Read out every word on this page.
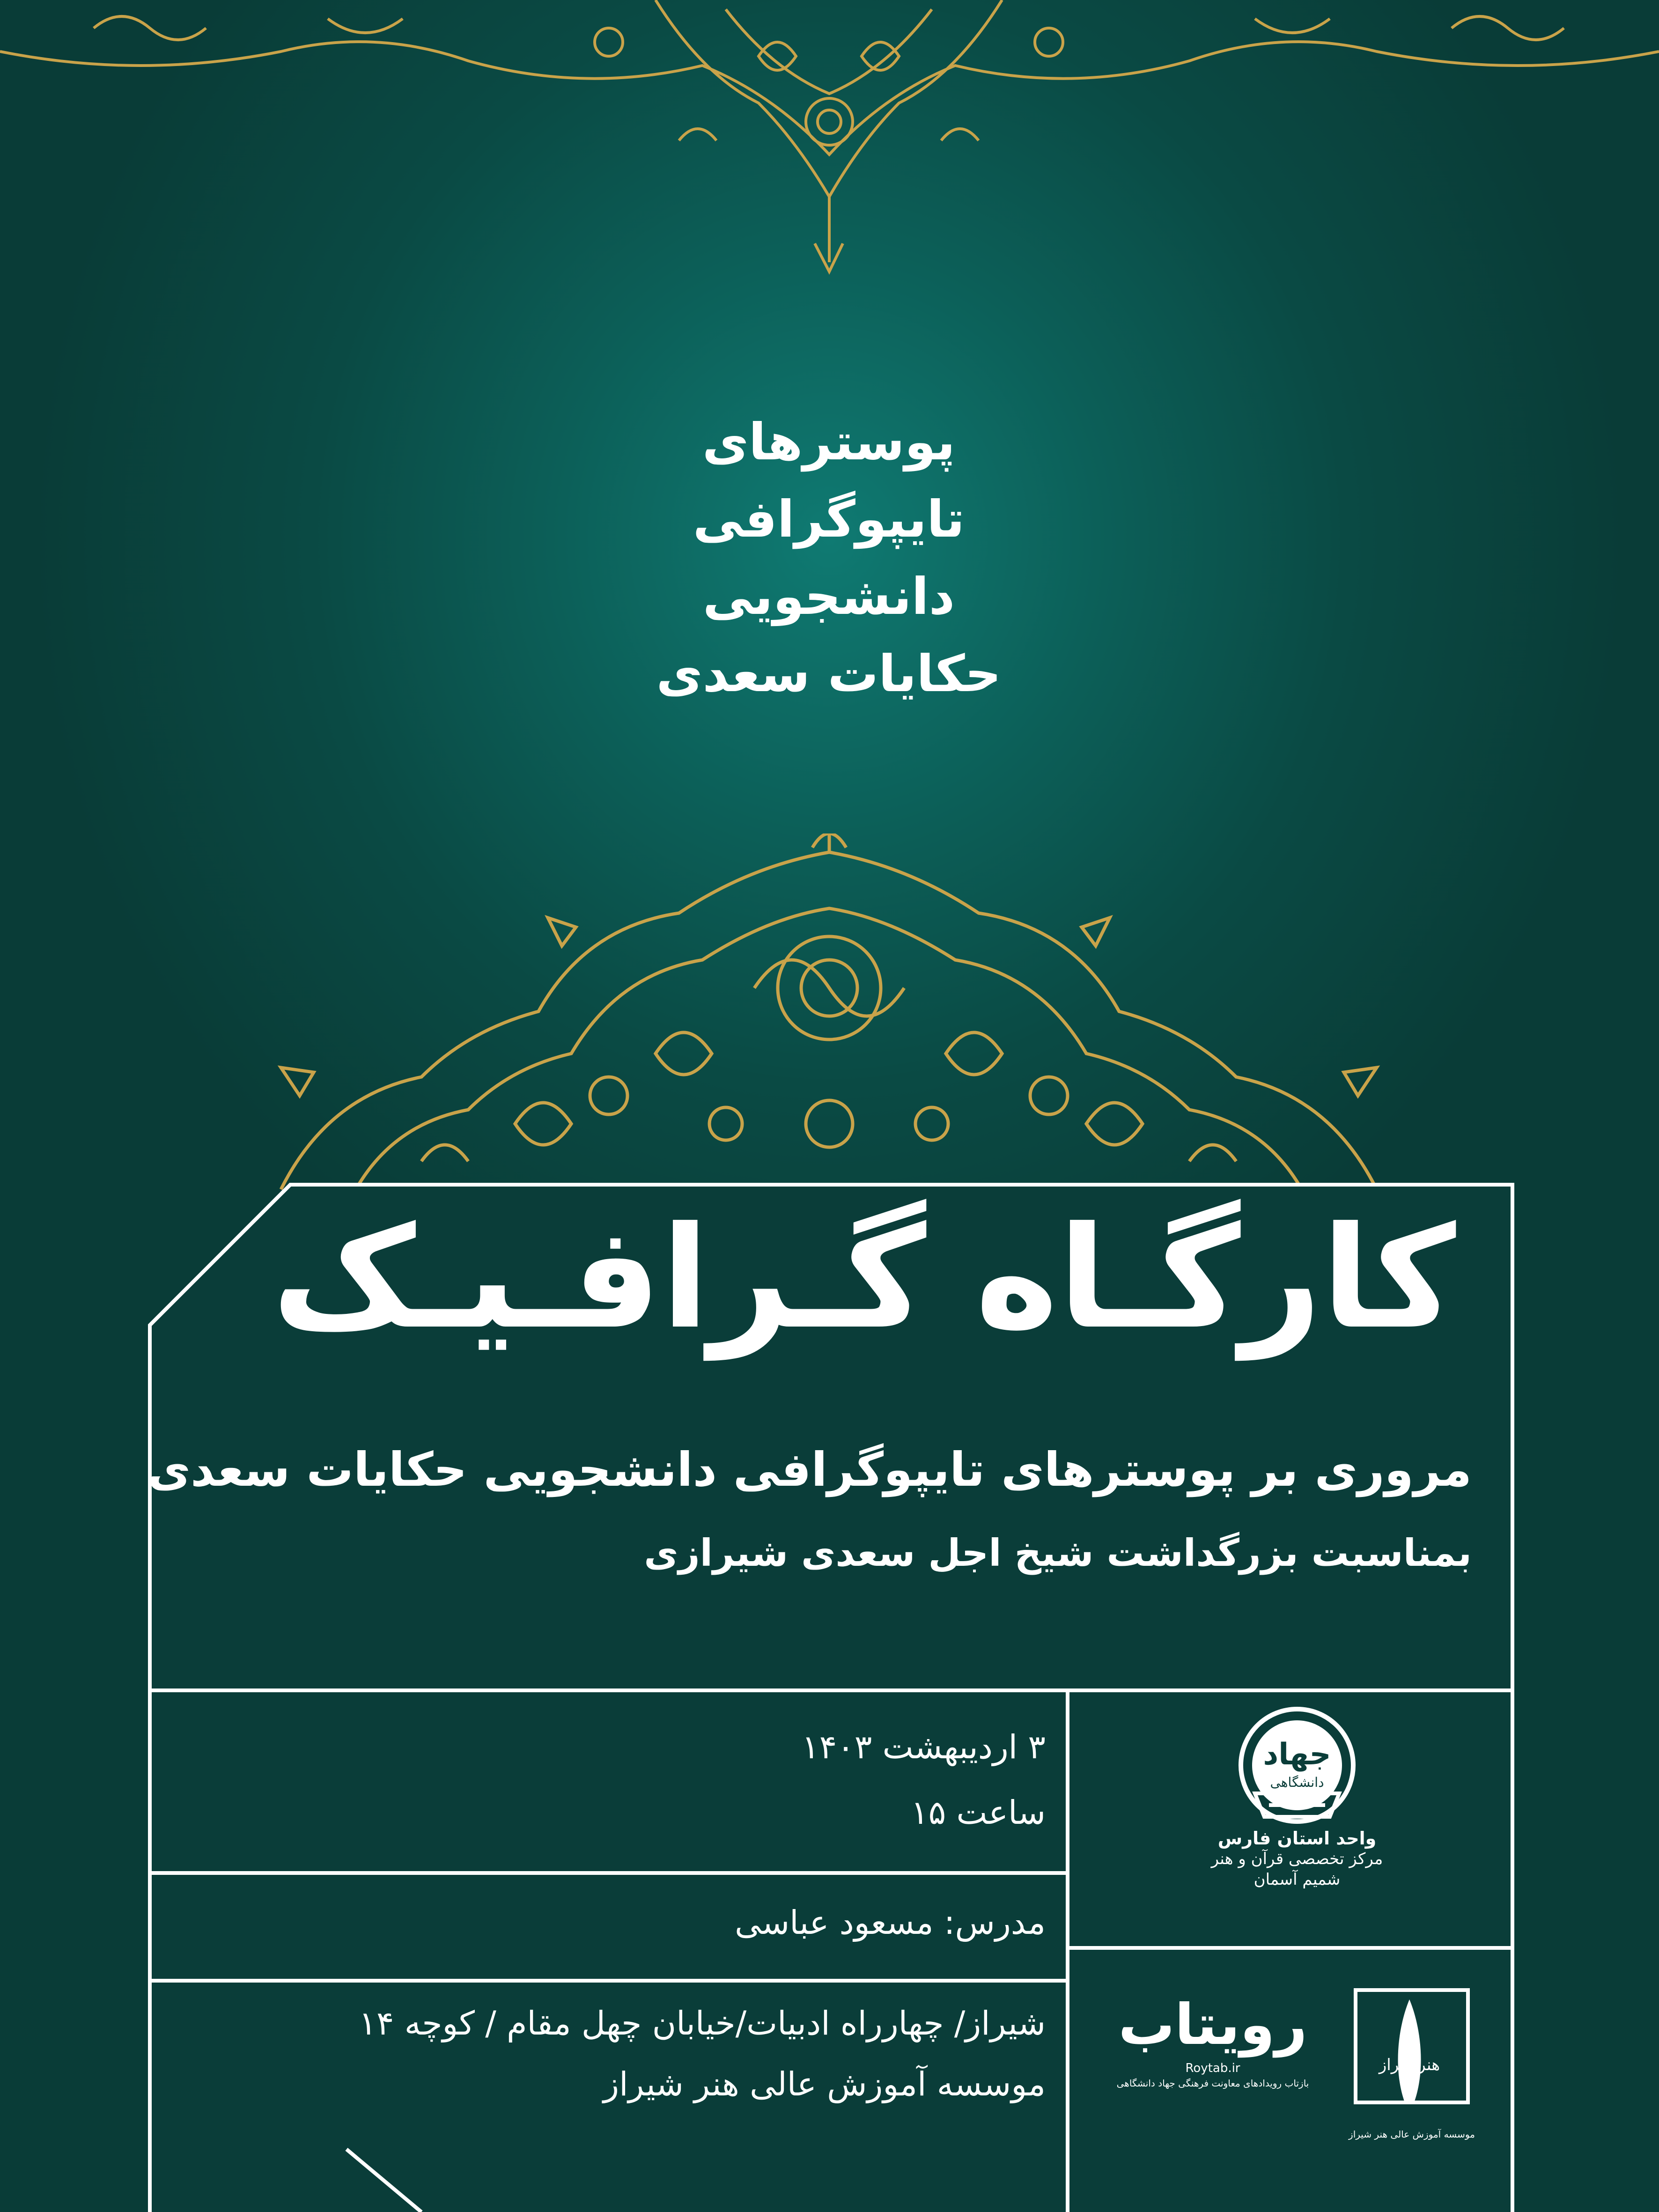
پوسترهای
تایپوگرافی
دانشجویی
حکایات سعدی
کارگـاه گـرافـیـک
مروری بر پوسترهای تایپوگرافی دانشجویی حکایات سعدی
بمناسبت بزرگداشت شیخ اجل سعدی شیرازی
۳ اردیبهشت ۱۴۰۳
ساعت ۱۵
مدرس: مسعود عباسی
شیراز/ چهارراه ادبیات/خیابان چهل مقام / کوچه ۱۴
موسسه آموزش عالی هنر شیراز
جهاد
دانشگاهی
واحد استان فارس
مرکز تخصصی قرآن و هنر
شمیم آسمان
رویتاب
Roytab.ir
بازتاب رویدادهای معاونت فرهنگی جهاد دانشگاهی
هنرشیراز
موسسه آموزش عالی هنر شیراز
